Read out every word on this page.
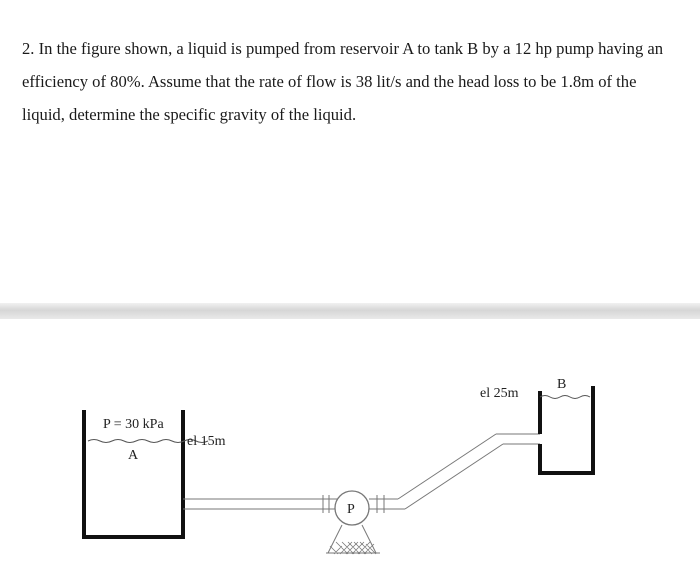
2. In the figure shown, a liquid is pumped from reservoir A to tank B by a 12 hp pump having an efficiency of 80%. Assume that the rate of flow is 38 lit/s and the head loss to be 1.8m of the liquid, determine the specific gravity of the liquid.

P = 30 kPa
A
el 15m
P
B
el 25m
